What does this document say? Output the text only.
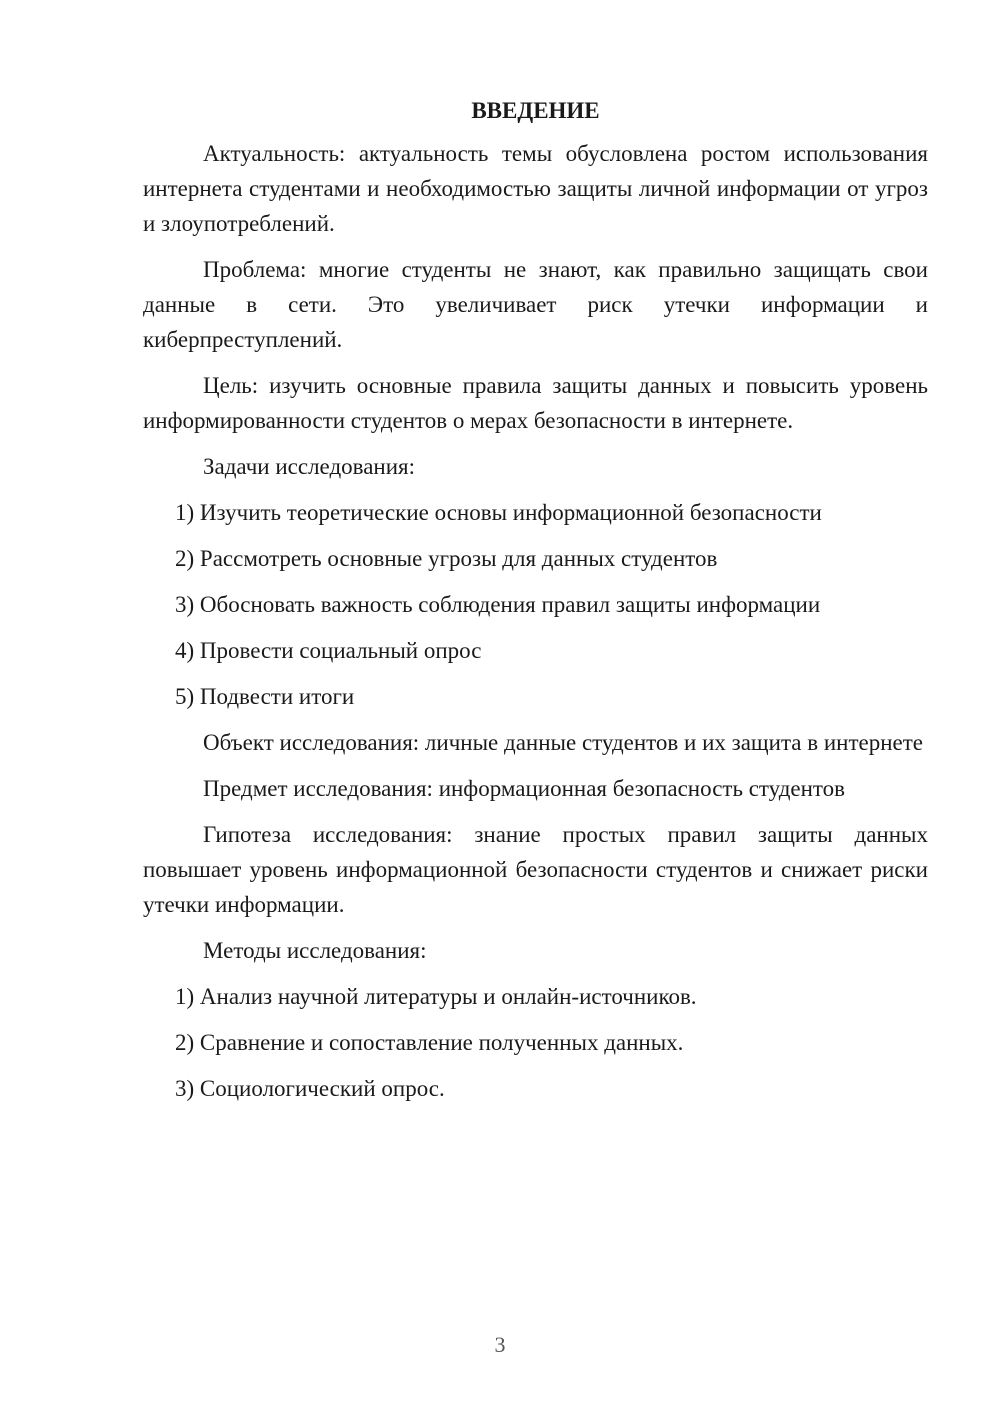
ВВЕДЕНИЕ

Актуальность: актуальность темы обусловлена ростом использования интернета студентами и необходимостью защиты личной информации от угроз и злоупотреблений.

Проблема: многие студенты не знают, как правильно защищать свои данные в сети. Это увеличивает риск утечки информации и киберпреступлений.

Цель: изучить основные правила защиты данных и повысить уровень информированности студентов о мерах безопасности в интернете.

Задачи исследования:

1) Изучить теоретические основы информационной безопасности
2) Рассмотреть основные угрозы для данных студентов
3) Обосновать важность соблюдения правил защиты информации
4) Провести социальный опрос
5) Подвести итоги

Объект исследования: личные данные студентов и их защита в интернете

Предмет исследования: информационная безопасность студентов

Гипотеза исследования: знание простых правил защиты данных повышает уровень информационной безопасности студентов и снижает риски утечки информации.

Методы исследования:

1) Анализ научной литературы и онлайн-источников.
2) Сравнение и сопоставление полученных данных.
3) Социологический опрос.
3
